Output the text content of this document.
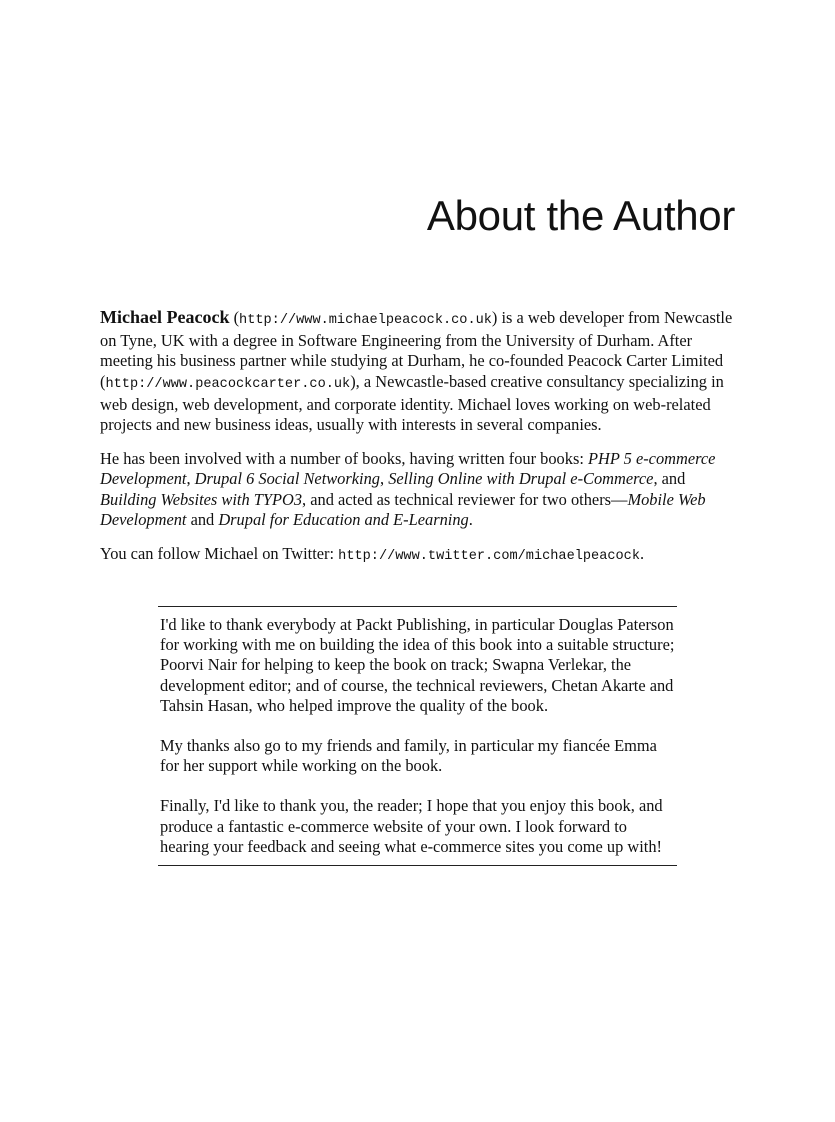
About the Author

Michael Peacock (http://www.michaelpeacock.co.uk) is a web developer from Newcastle on Tyne, UK with a degree in Software Engineering from the University of Durham. After meeting his business partner while studying at Durham, he co-founded Peacock Carter Limited (http://www.peacockcarter.co.uk), a Newcastle-based creative consultancy specializing in web design, web development, and corporate identity. Michael loves working on web-related projects and new business ideas, usually with interests in several companies.

He has been involved with a number of books, having written four books: PHP 5 e-commerce Development, Drupal 6 Social Networking, Selling Online with Drupal e-Commerce, and Building Websites with TYPO3, and acted as technical reviewer for two others—Mobile Web Development and Drupal for Education and E-Learning.

You can follow Michael on Twitter: http://www.twitter.com/michaelpeacock.

I'd like to thank everybody at Packt Publishing, in particular Douglas Paterson for working with me on building the idea of this book into a suitable structure; Poorvi Nair for helping to keep the book on track; Swapna Verlekar, the development editor; and of course, the technical reviewers, Chetan Akarte and Tahsin Hasan, who helped improve the quality of the book.

My thanks also go to my friends and family, in particular my fiancée Emma for her support while working on the book.

Finally, I'd like to thank you, the reader; I hope that you enjoy this book, and produce a fantastic e-commerce website of your own. I look forward to hearing your feedback and seeing what e-commerce sites you come up with!
